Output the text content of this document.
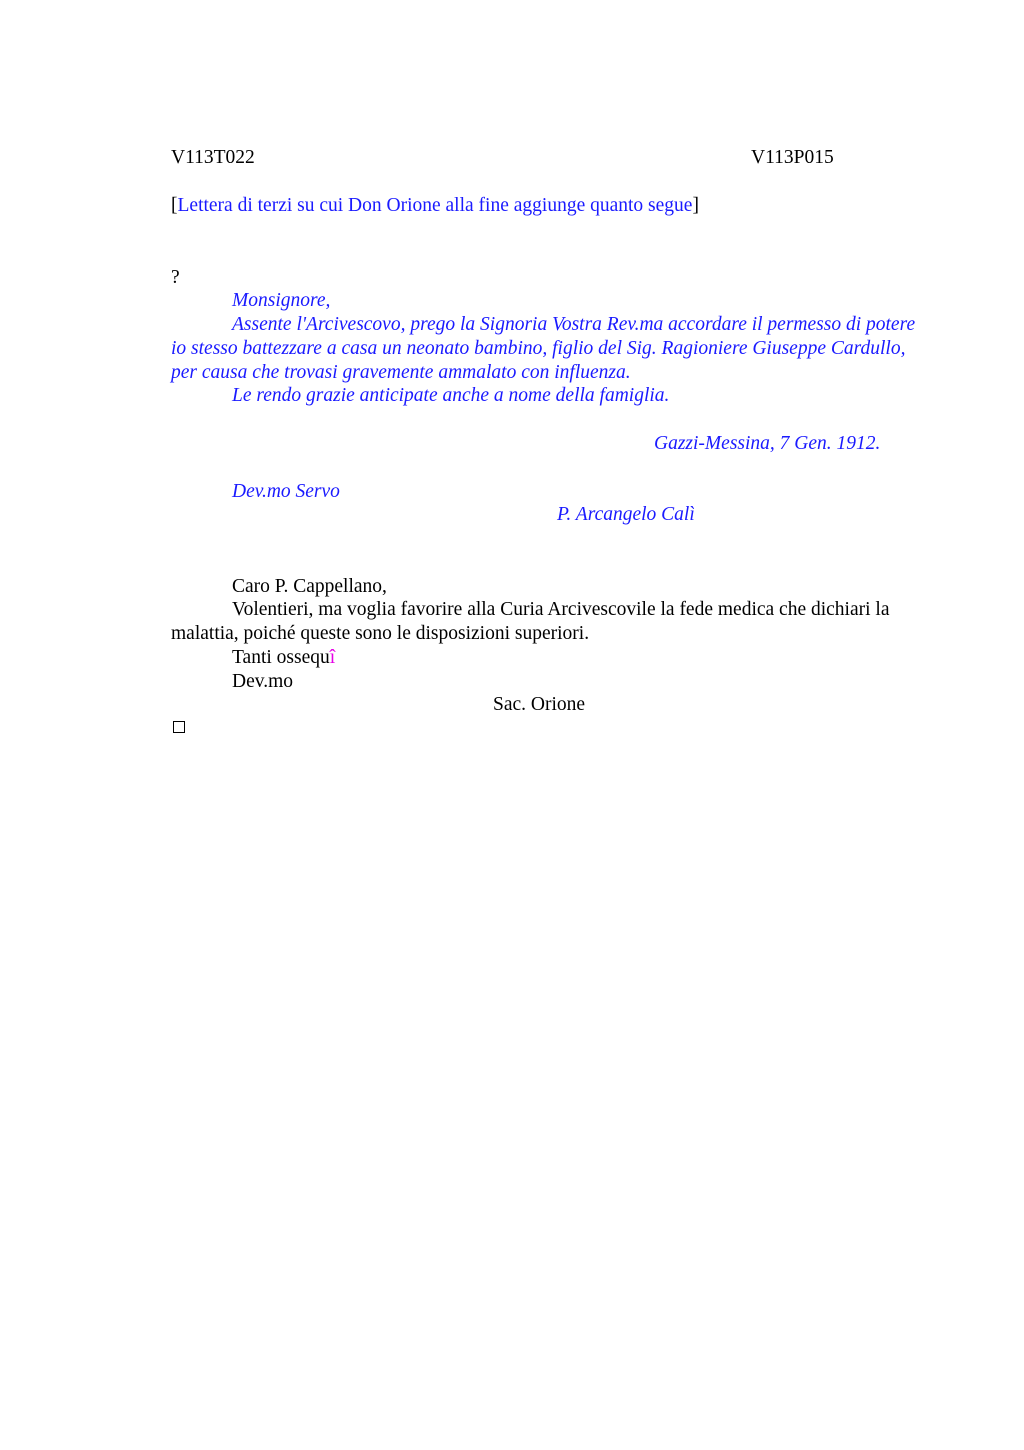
V113T022	V113P015
[Lettera di terzi su cui Don Orione alla fine aggiunge quanto segue]
?
Monsignore,
Assente l'Arcivescovo, prego la Signoria Vostra Rev.ma accordare il permesso di potere io stesso battezzare a casa un neonato bambino, figlio del Sig. Ragioniere Giuseppe Cardullo, per causa che trovasi gravemente ammalato con influenza.
Le rendo grazie anticipate anche a nome della famiglia.
Gazzi-Messina, 7 Gen. 1912.
Dev.mo Servo
P. Arcangelo Calì
Caro P. Cappellano,
Volentieri, ma voglia favorire alla Curia Arcivescovile la fede medica che dichiari la malattia, poiché queste sono le disposizioni superiori.
Tanti ossequî
Dev.mo
Sac. Orione
